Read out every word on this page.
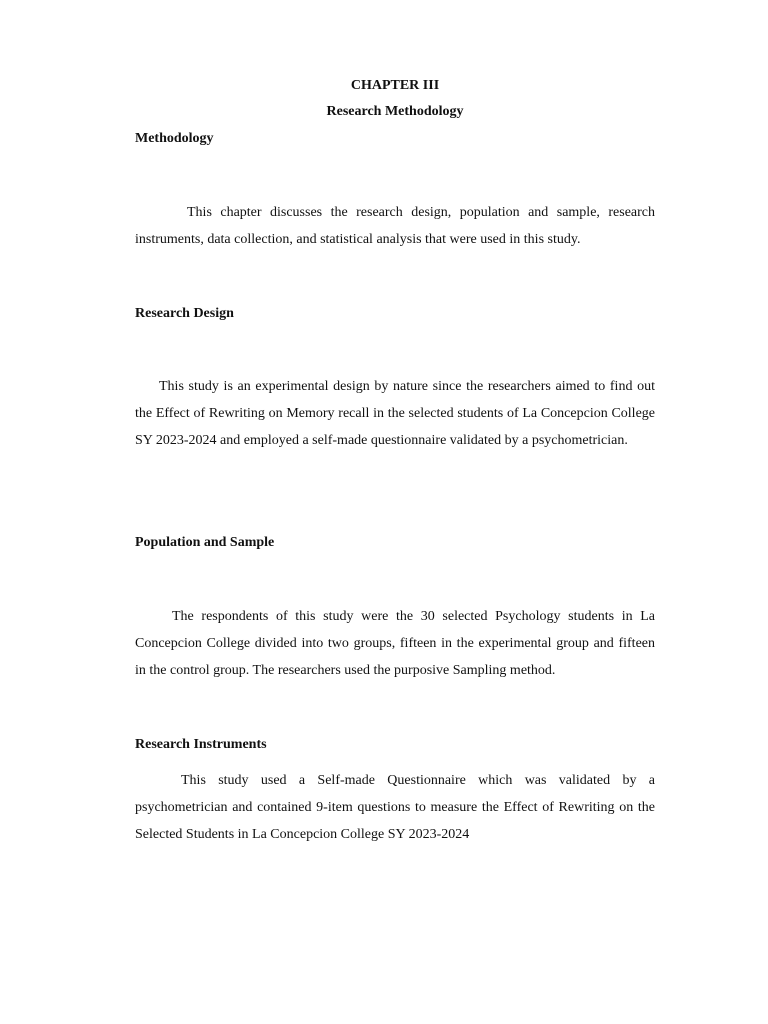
CHAPTER III
Research Methodology
Methodology

This chapter discusses the research design, population and sample, research instruments, data collection, and statistical analysis that were used in this study.

Research Design

This study is an experimental design by nature since the researchers aimed to find out the Effect of Rewriting on Memory recall in the selected students of La Concepcion College SY 2023-2024 and employed a self-made questionnaire validated by a psychometrician.

Population and Sample

The respondents of this study were the 30 selected Psychology students in La Concepcion College divided into two groups, fifteen in the experimental group and fifteen in the control group. The researchers used the purposive Sampling method.

Research Instruments

This study used a Self-made Questionnaire which was validated by a psychometrician and contained 9-item questions to measure the Effect of Rewriting on the Selected Students in La Concepcion College SY 2023-2024
